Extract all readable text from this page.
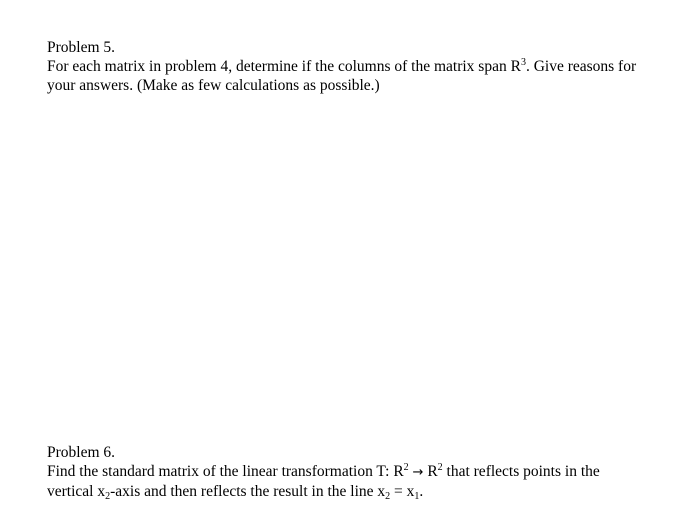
Problem 5.
For each matrix in problem 4, determine if the columns of the matrix span $R^3$. Give reasons for
your answers. (Make as few calculations as possible.)
Problem 6.
Find the standard matrix of the linear transformation T: $R^2 \to R^2$ that reflects points in the
vertical $x_2$-axis and then reflects the result in the line $x_2 = x_1$.
